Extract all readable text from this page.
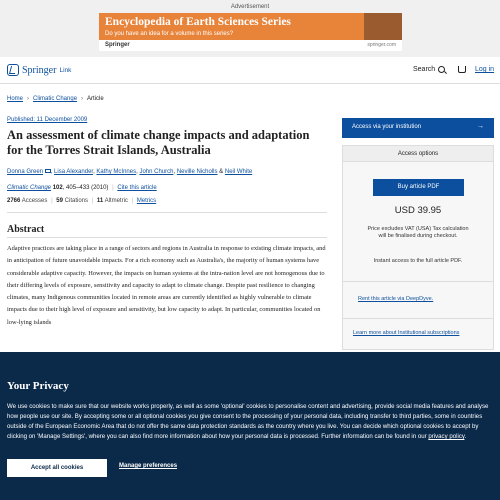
Advertisement
Encyclopedia of Earth Sciences Series
Do you have an idea for a volume in this series?
Springer	springer.com
Springer Link	Search	Log in
Home › Climatic Change › Article
Published: 11 December 2009
An assessment of climate change impacts and adaptation for the Torres Strait Islands, Australia
Donna Green , Lisa Alexander, Kathy McInnes, John Church, Neville Nicholls & Neil White
Climatic Change 102, 405–433 (2010) | Cite this article
2766 Accesses | 59 Citations | 11 Altmetric | Metrics
Abstract

Adaptive practices are taking place in a range of sectors and regions in Australia in response to existing climate impacts, and in anticipation of future unavoidable impacts. For a rich economy such as Australia's, the majority of human systems have considerable adaptive capacity. However, the impacts on human systems at the intra-nation level are not homogenous due to their differing levels of exposure, sensitivity and capacity to adapt to climate change. Despite past resilience to changing climates, many Indigenous communities located in remote areas are currently identified as highly vulnerable to climate impacts due to their high level of exposure and sensitivity, but low capacity to adapt. In particular, communities located on low-lying islands

Access via your institution	→
Access options
Buy article PDF
USD 39.95
Price excludes VAT (USA) Tax calculation will be finalised during checkout.
Instant access to the full article PDF.
Rent this article via DeepDyve.
Learn more about Institutional subscriptions
Your Privacy

We use cookies to make sure that our website works properly, as well as some 'optional' cookies to personalise content and advertising, provide social media features and analyse how people use our site. By accepting some or all optional cookies you give consent to the processing of your personal data, including transfer to third parties, some in countries outside of the European Economic Area that do not offer the same data protection standards as the country where you live. You can decide which optional cookies to accept by clicking on 'Manage Settings', where you can also find more information about how your personal data is processed. Further information can be found in our privacy policy.

Accept all cookies	Manage preferences
